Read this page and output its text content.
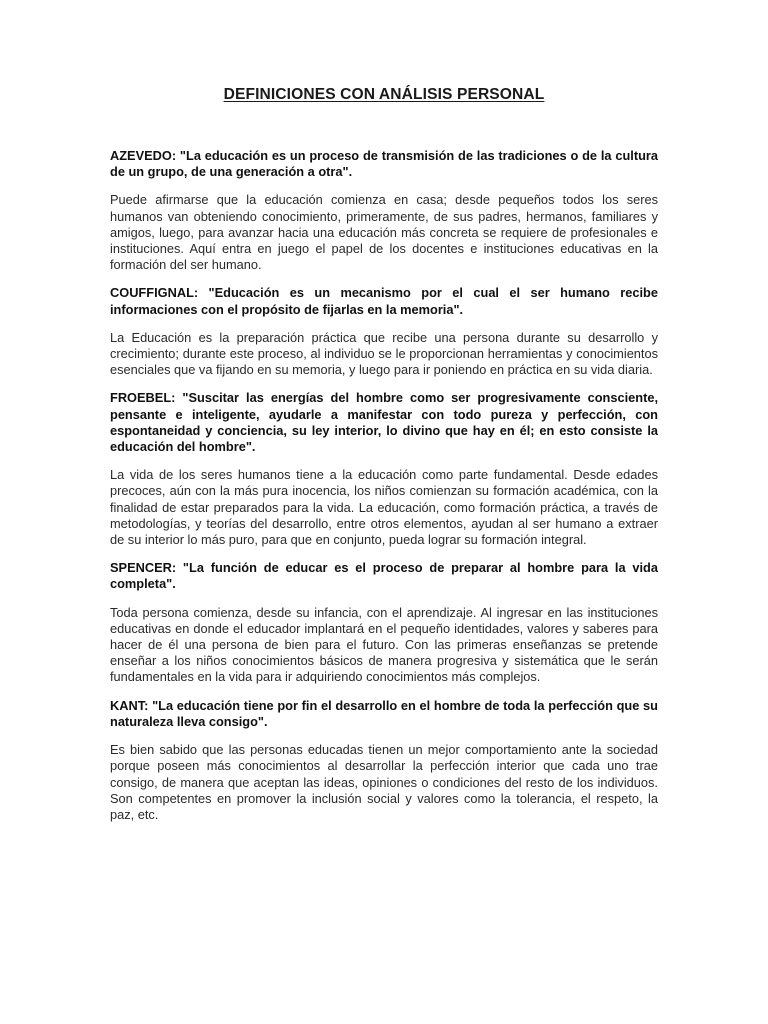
DEFINICIONES CON ANÁLISIS PERSONAL

AZEVEDO: "La educación es un proceso de transmisión de las tradiciones o de la cultura de un grupo, de una generación a otra".

Puede afirmarse que la educación comienza en casa; desde pequeños todos los seres humanos van obteniendo conocimiento, primeramente, de sus padres, hermanos, familiares y amigos, luego, para avanzar hacia una educación más concreta se requiere de profesionales e instituciones. Aquí entra en juego el papel de los docentes e instituciones educativas en la formación del ser humano.

COUFFIGNAL: "Educación es un mecanismo por el cual el ser humano recibe informaciones con el propósito de fijarlas en la memoria".

La Educación es la preparación práctica que recibe una persona durante su desarrollo y crecimiento; durante este proceso, al individuo se le proporcionan herramientas y conocimientos esenciales que va fijando en su memoria, y luego para ir poniendo en práctica en su vida diaria.

FROEBEL: "Suscitar las energías del hombre como ser progresivamente consciente, pensante e inteligente, ayudarle a manifestar con todo pureza y perfección, con espontaneidad y conciencia, su ley interior, lo divino que hay en él; en esto consiste la educación del hombre".

La vida de los seres humanos tiene a la educación como parte fundamental. Desde edades precoces, aún con la más pura inocencia, los niños comienzan su formación académica, con la finalidad de estar preparados para la vida. La educación, como formación práctica, a través de metodologías, y teorías del desarrollo, entre otros elementos, ayudan al ser humano a extraer de su interior lo más puro, para que en conjunto, pueda lograr su formación integral.

SPENCER: "La función de educar es el proceso de preparar al hombre para la vida completa".

Toda persona comienza, desde su infancia, con el aprendizaje. Al ingresar en las instituciones educativas en donde el educador implantará en el pequeño identidades, valores y saberes para hacer de él una persona de bien para el futuro. Con las primeras enseñanzas se pretende enseñar a los niños conocimientos básicos de manera progresiva y sistemática que le serán fundamentales en la vida para ir adquiriendo conocimientos más complejos.

KANT: "La educación tiene por fin el desarrollo en el hombre de toda la perfección que su naturaleza lleva consigo".

Es bien sabido que las personas educadas tienen un mejor comportamiento ante la sociedad porque poseen más conocimientos al desarrollar la perfección interior que cada uno trae consigo, de manera que aceptan las ideas, opiniones o condiciones del resto de los individuos. Son competentes en promover la inclusión social y valores como la tolerancia, el respeto, la paz, etc.
